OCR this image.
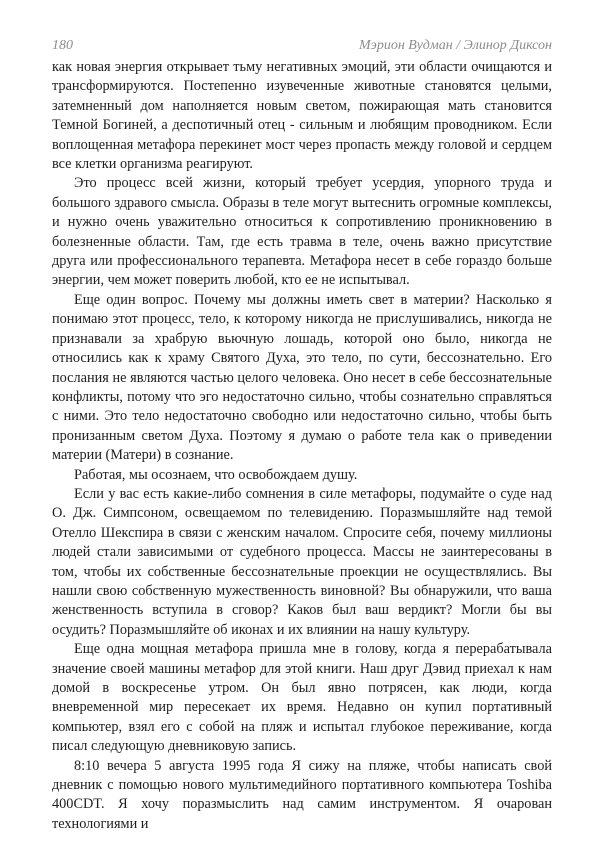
180	Мэрион Вудман / Элинор Диксон

как новая энергия открывает тьму негативных эмоций, эти области очищаются и трансформируются. Постепенно изувеченные животные становятся целыми, затемненный дом наполняется новым светом, пожирающая мать становится Темной Богиней, а деспотичный отец - сильным и любящим проводником. Если воплощенная метафора перекинет мост через пропасть между головой и сердцем все клетки организма реагируют.

Это процесс всей жизни, который требует усердия, упорного труда и большого здравого смысла. Образы в теле могут вытеснить огромные комплексы, и нужно очень уважительно относиться к сопротивлению проникновению в болезненные области. Там, где есть травма в теле, очень важно присутствие друга или профессионального терапевта. Метафора несет в себе гораздо больше энергии, чем может поверить любой, кто ее не испытывал.

Еще один вопрос. Почему мы должны иметь свет в материи? Насколько я понимаю этот процесс, тело, к которому никогда не прислушивались, никогда не признавали за храбрую вьючную лошадь, которой оно было, никогда не относились как к храму Святого Духа, это тело, по сути, бессознательно. Его послания не являются частью целого человека. Оно несет в себе бессознательные конфликты, потому что эго недостаточно сильно, чтобы сознательно справляться с ними. Это тело недостаточно свободно или недостаточно сильно, чтобы быть пронизанным светом Духа. Поэтому я думаю о работе тела как о приведении материи (Матери) в сознание.

Работая, мы осознаем, что освобождаем душу.

Если у вас есть какие-либо сомнения в силе метафоры, подумайте о суде над О. Дж. Симпсоном, освещаемом по телевидению. Поразмышляйте над темой Отелло Шекспира в связи с женским началом. Спросите себя, почему миллионы людей стали зависимыми от судебного процесса. Массы не заинтересованы в том, чтобы их собственные бессознательные проекции не осуществлялись. Вы нашли свою собственную мужественность виновной? Вы обнаружили, что ваша женственность вступила в сговор? Каков был ваш вердикт? Могли бы вы осудить? Поразмышляйте об иконах и их влиянии на нашу культуру.

Еще одна мощная метафора пришла мне в голову, когда я перерабатывала значение своей машины метафор для этой книги. Наш друг Дэвид приехал к нам домой в воскресенье утром. Он был явно потрясен, как люди, когда вневременной мир пересекает их время. Недавно он купил портативный компьютер, взял его с собой на пляж и испытал глубокое переживание, когда писал следующую дневниковую запись.

8:10 вечера 5 августа 1995 года Я сижу на пляже, чтобы написать свой дневник с помощью нового мультимедийного портативного компьютера Toshiba 400CDT. Я хочу поразмыслить над самим инструментом. Я очарован технологиями и
